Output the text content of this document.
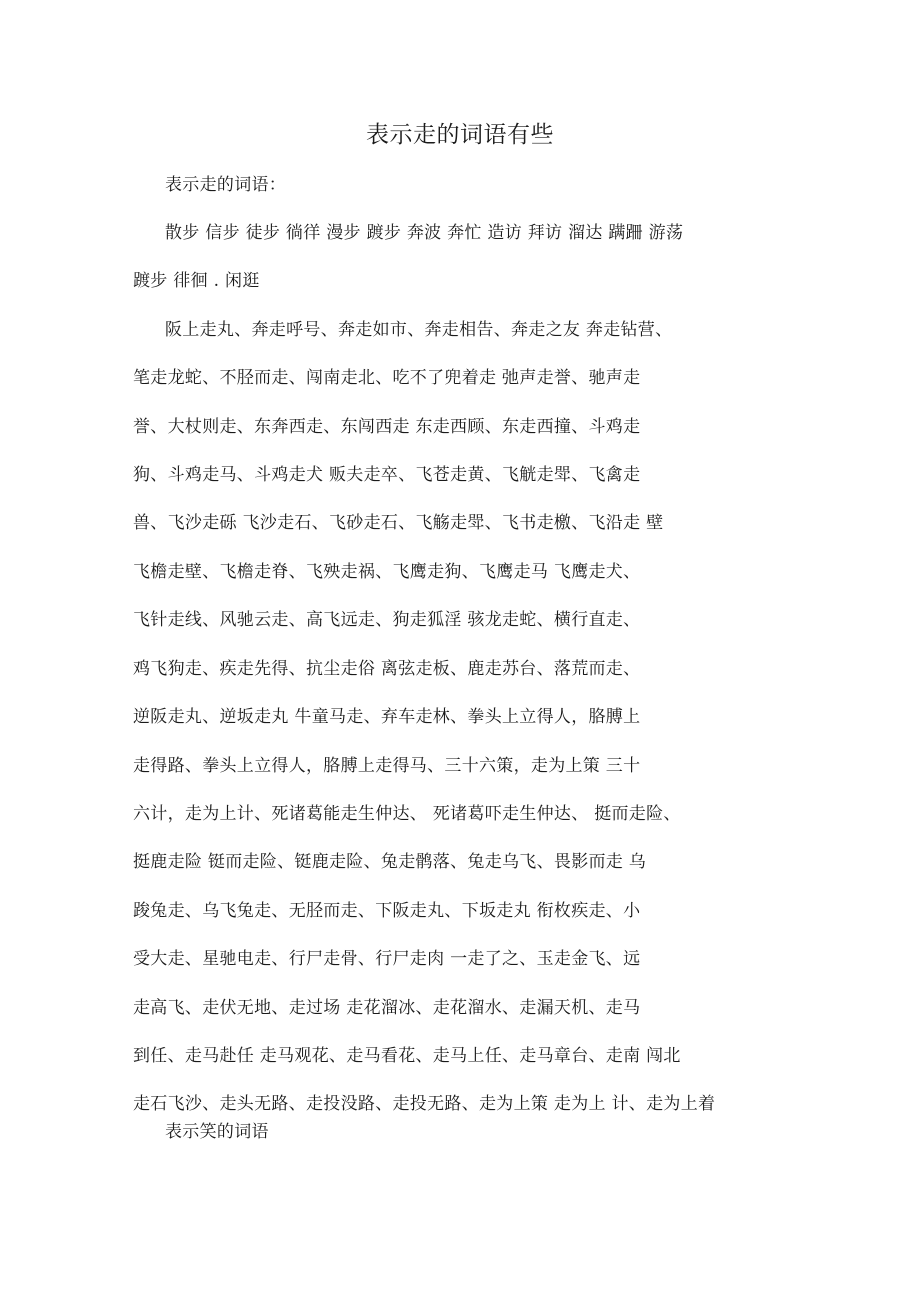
表示走的词语有些
表示走的词语：
散步 信步 徒步 徜徉 漫步 踱步 奔波 奔忙 造访 拜访 溜达 蹒跚 游荡
踱步 徘徊 . 闲逛
阪上走丸、奔走呼号、奔走如市、奔走相告、奔走之友 奔走钻营、
笔走龙蛇、不胫而走、闯南走北、吃不了兜着走 弛声走誉、驰声走
誉、大杖则走、东奔西走、东闯西走 东走西顾、东走西撞、斗鸡走
狗、斗鸡走马、斗鸡走犬 贩夫走卒、飞苍走黄、飞觥走斝、飞禽走
兽、飞沙走砾 飞沙走石、飞砂走石、飞觞走斝、飞书走檄、飞沿走 壁
飞檐走壁、飞檐走脊、飞殃走祸、飞鹰走狗、飞鹰走马 飞鹰走犬、
飞针走线、风驰云走、高飞远走、狗走狐淫 骇龙走蛇、横行直走、
鸡飞狗走、疾走先得、抗尘走俗 离弦走板、鹿走苏台、落荒而走、
逆阪走丸、逆坂走丸 牛童马走、弃车走林、拳头上立得人，胳膊上
走得路、拳头上立得人，胳膊上走得马、三十六策，走为上策 三十
六计，走为上计、死诸葛能走生仲达、 死诸葛吓走生仲达、 挺而走险、
挺鹿走险 铤而走险、铤鹿走险、兔走鹘落、兔走乌飞、畏影而走 乌
踆兔走、乌飞兔走、无胫而走、下阪走丸、下坂走丸 衔枚疾走、小
受大走、星驰电走、行尸走骨、行尸走肉 一走了之、玉走金飞、远
走高飞、走伏无地、走过场 走花溜冰、走花溜水、走漏天机、走马
到任、走马赴任 走马观花、走马看花、走马上任、走马章台、走南 闯北
走石飞沙、走头无路、走投没路、走投无路、走为上策 走为上 计、走为上着
表示笑的词语
